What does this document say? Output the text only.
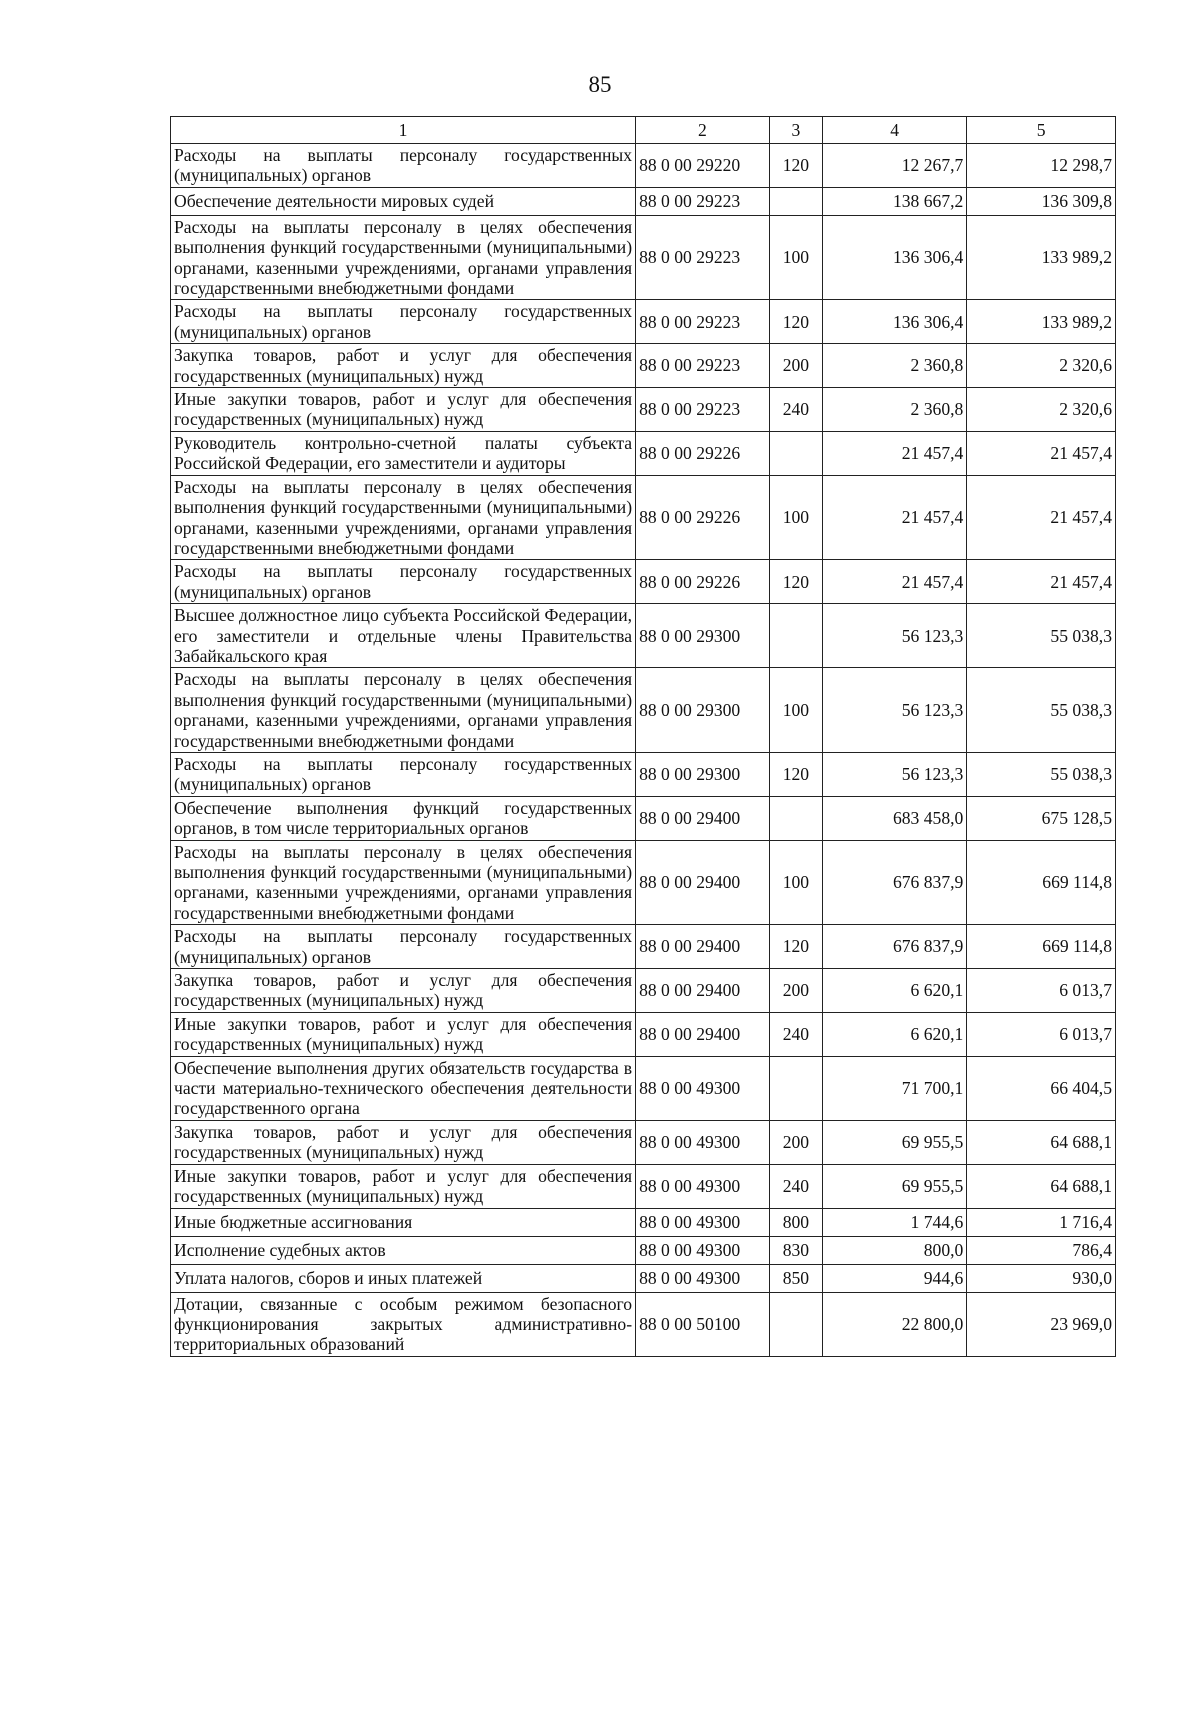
85
1	2	3	4	5
Расходы на выплаты персоналу государственных (муниципальных) органов	88 0 00 29220	120	12 267,7	12 298,7
Обеспечение деятельности мировых судей	88 0 00 29223		138 667,2	136 309,8
Расходы на выплаты персоналу в целях обеспечения выполнения функций государственными (муниципальными) органами, казенными учреждениями, органами управления государственными внебюджетными фондами	88 0 00 29223	100	136 306,4	133 989,2
Расходы на выплаты персоналу государственных (муниципальных) органов	88 0 00 29223	120	136 306,4	133 989,2
Закупка товаров, работ и услуг для обеспечения государственных (муниципальных) нужд	88 0 00 29223	200	2 360,8	2 320,6
Иные закупки товаров, работ и услуг для обеспечения государственных (муниципальных) нужд	88 0 00 29223	240	2 360,8	2 320,6
Руководитель контрольно-счетной палаты субъекта Российской Федерации, его заместители и аудиторы	88 0 00 29226		21 457,4	21 457,4
Расходы на выплаты персоналу в целях обеспечения выполнения функций государственными (муниципальными) органами, казенными учреждениями, органами управления государственными внебюджетными фондами	88 0 00 29226	100	21 457,4	21 457,4
Расходы на выплаты персоналу государственных (муниципальных) органов	88 0 00 29226	120	21 457,4	21 457,4
Высшее должностное лицо субъекта Российской Федерации, его заместители и отдельные члены Правительства Забайкальского края	88 0 00 29300		56 123,3	55 038,3
Расходы на выплаты персоналу в целях обеспечения выполнения функций государственными (муниципальными) органами, казенными учреждениями, органами управления государственными внебюджетными фондами	88 0 00 29300	100	56 123,3	55 038,3
Расходы на выплаты персоналу государственных (муниципальных) органов	88 0 00 29300	120	56 123,3	55 038,3
Обеспечение выполнения функций государственных органов, в том числе территориальных органов	88 0 00 29400		683 458,0	675 128,5
Расходы на выплаты персоналу в целях обеспечения выполнения функций государственными (муниципальными) органами, казенными учреждениями, органами управления государственными внебюджетными фондами	88 0 00 29400	100	676 837,9	669 114,8
Расходы на выплаты персоналу государственных (муниципальных) органов	88 0 00 29400	120	676 837,9	669 114,8
Закупка товаров, работ и услуг для обеспечения государственных (муниципальных) нужд	88 0 00 29400	200	6 620,1	6 013,7
Иные закупки товаров, работ и услуг для обеспечения государственных (муниципальных) нужд	88 0 00 29400	240	6 620,1	6 013,7
Обеспечение выполнения других обязательств государства в части материально-технического обеспечения деятельности государственного органа	88 0 00 49300		71 700,1	66 404,5
Закупка товаров, работ и услуг для обеспечения государственных (муниципальных) нужд	88 0 00 49300	200	69 955,5	64 688,1
Иные закупки товаров, работ и услуг для обеспечения государственных (муниципальных) нужд	88 0 00 49300	240	69 955,5	64 688,1
Иные бюджетные ассигнования	88 0 00 49300	800	1 744,6	1 716,4
Исполнение судебных актов	88 0 00 49300	830	800,0	786,4
Уплата налогов, сборов и иных платежей	88 0 00 49300	850	944,6	930,0
Дотации, связанные с особым режимом безопасного функционирования закрытых административно-территориальных образований	88 0 00 50100		22 800,0	23 969,0
